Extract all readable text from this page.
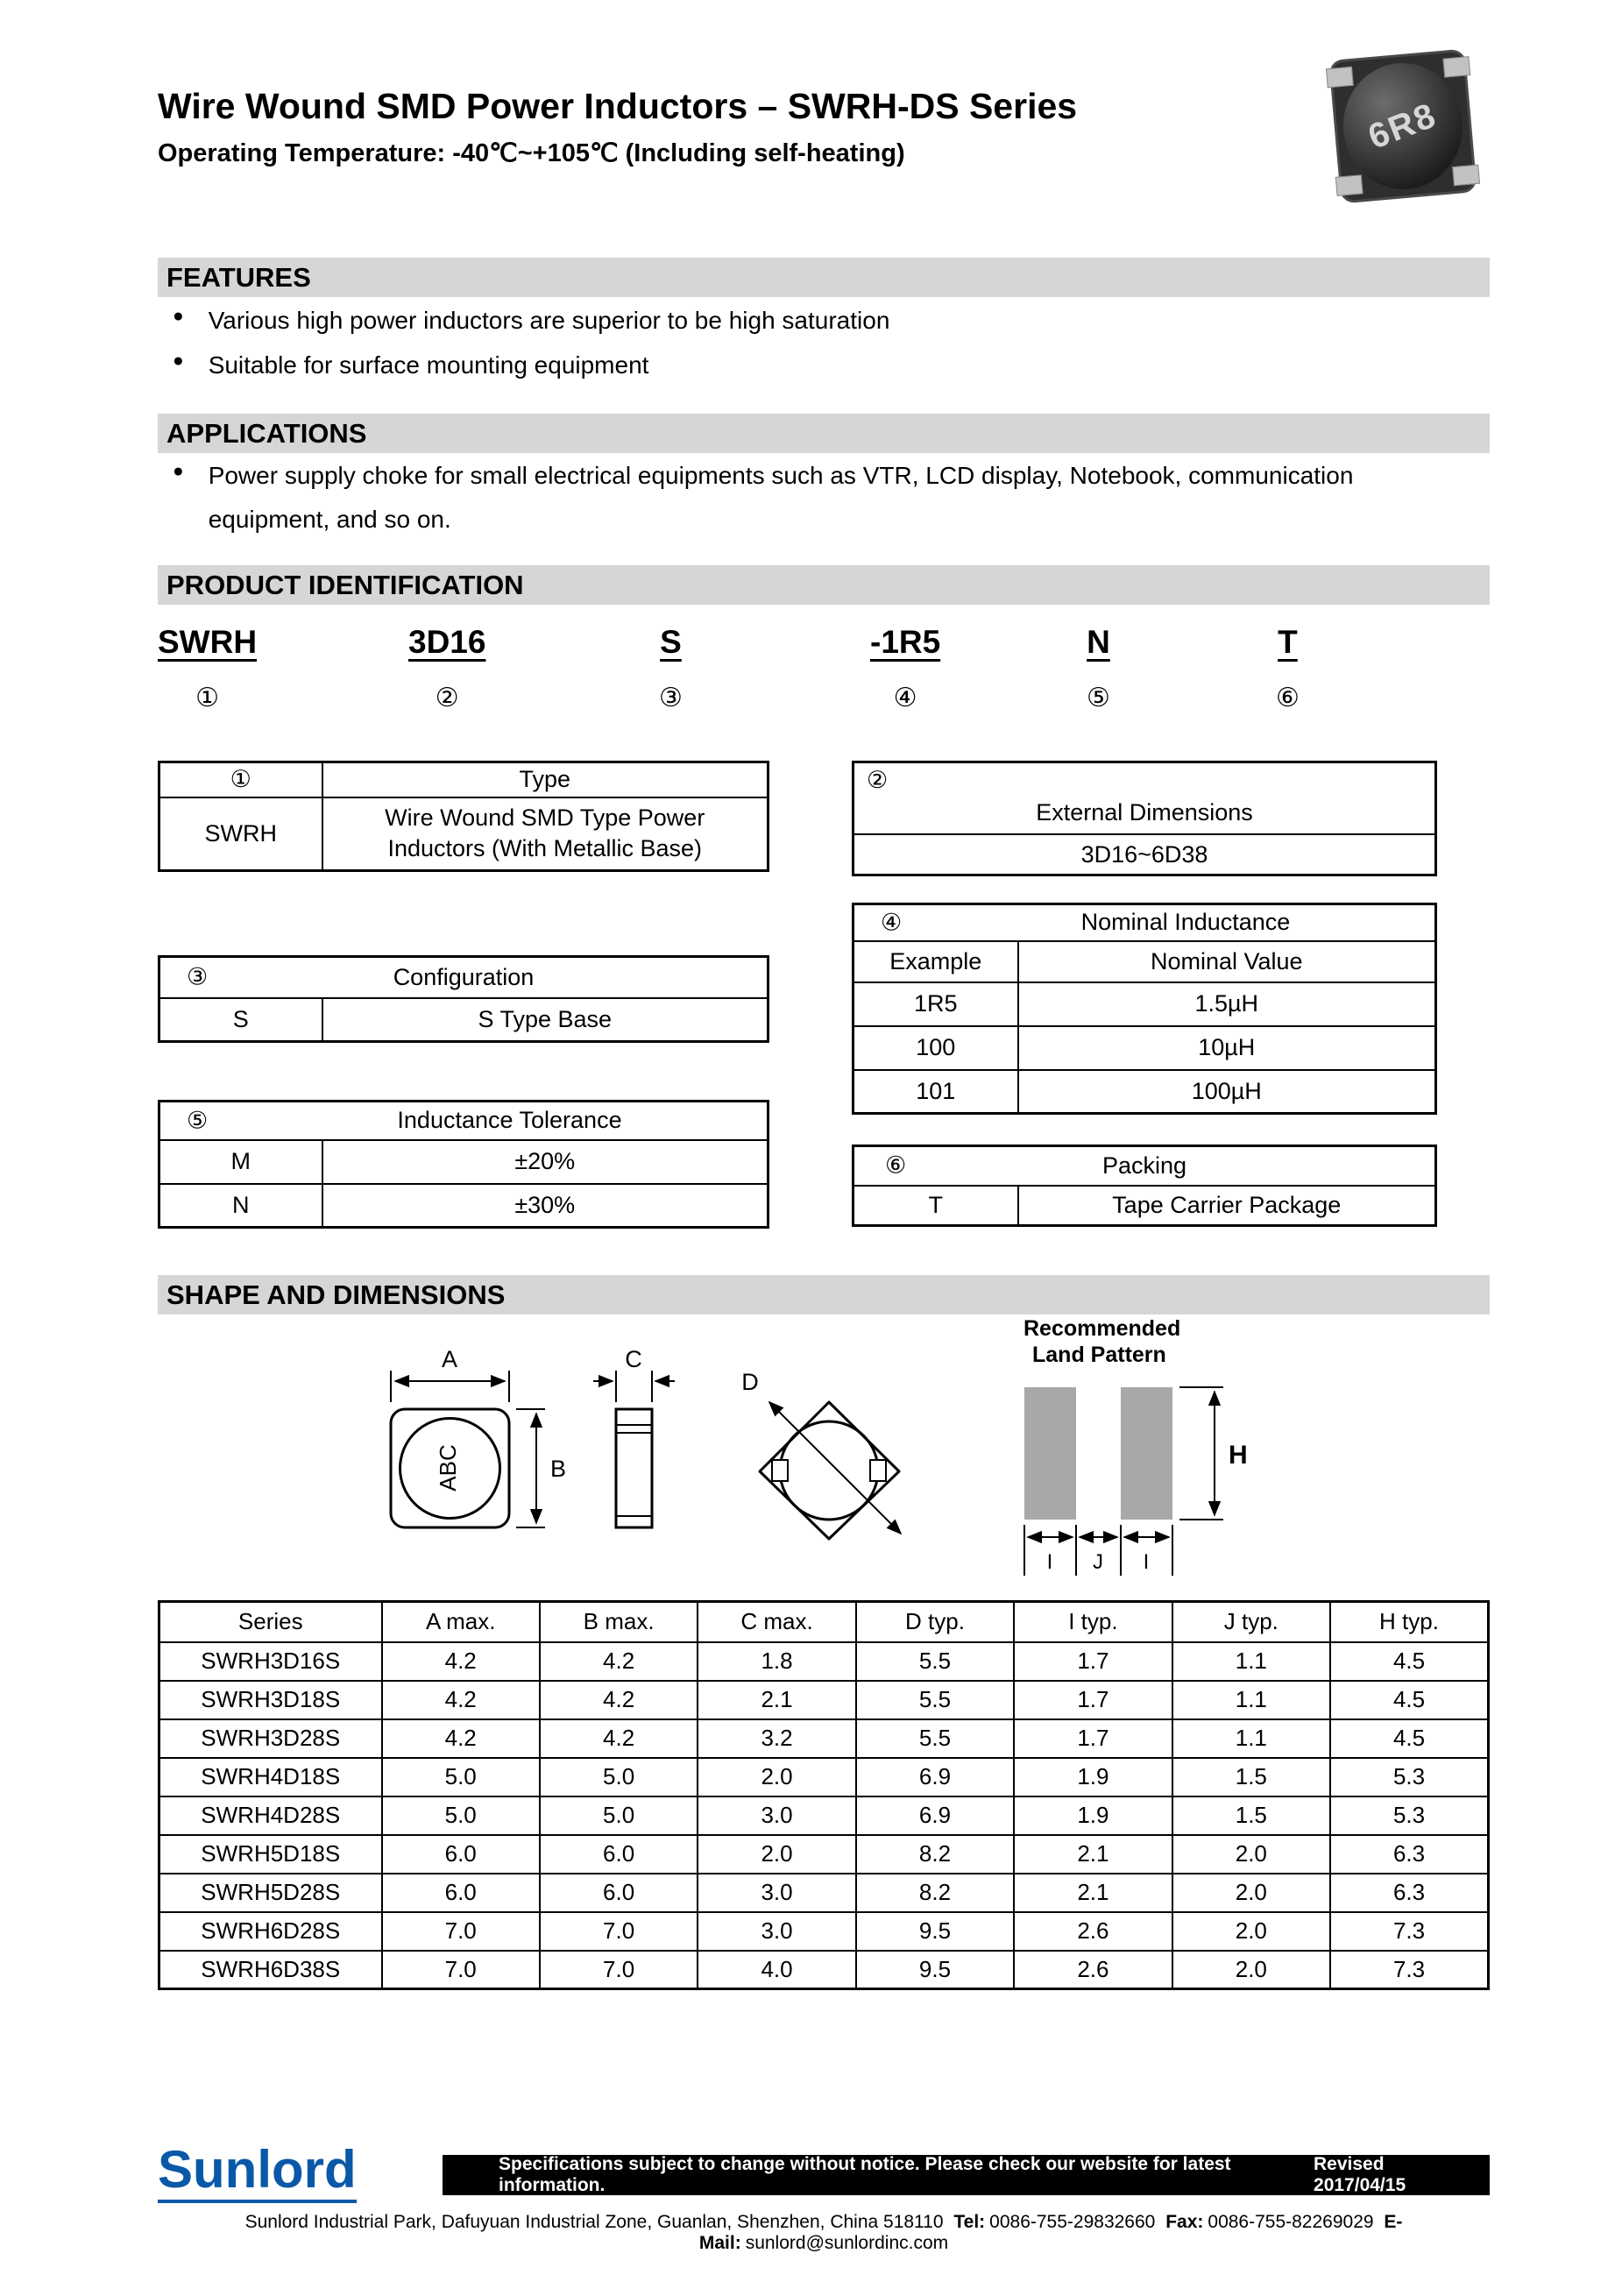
Wire Wound SMD Power Inductors – SWRH-DS Series
Operating Temperature: -40℃~+105℃ (Including self-heating)	6R8
FEATURES
● Various high power inductors are superior to be high saturation
● Suitable for surface mounting equipment
APPLICATIONS
● Power supply choke for small electrical equipments such as VTR, LCD display, Notebook, communication equipment, and so on.
PRODUCT IDENTIFICATION
SWRH
①
3D16
②
S
③
-1R5
④
N
⑤
T
⑥
①	Type
SWRH	Wire Wound SMD Type Power Inductors (With Metallic Base)
②
External Dimensions
3D16~6D38
④ Nominal Inductance	
Example	Nominal Value
1R5	1.5µH
100	10µH
101	100µH
③	Configuration
S	S Type Base
⑤ Inductance Tolerance	
M	±20%
N	±30%
⑥	Packing
T	Tape Carrier Package
SHAPE AND DIMENSIONS
ABC
A
B
C
D
Recommended
Land Pattern
H
I J I
Series	A max.	B max.	C max.	D typ.	I typ.	J typ.	H typ.
SWRH3D16S	4.2	4.2	1.8	5.5	1.7	1.1	4.5
SWRH3D18S	4.2	4.2	2.1	5.5	1.7	1.1	4.5
SWRH3D28S	4.2	4.2	3.2	5.5	1.7	1.1	4.5
SWRH4D18S	5.0	5.0	2.0	6.9	1.9	1.5	5.3
SWRH4D28S	5.0	5.0	3.0	6.9	1.9	1.5	5.3
SWRH5D18S	6.0	6.0	2.0	8.2	2.1	2.0	6.3
SWRH5D28S	6.0	6.0	3.0	8.2	2.1	2.0	6.3
SWRH6D28S	7.0	7.0	3.0	9.5	2.6	2.0	7.3
SWRH6D38S	7.0	7.0	4.0	9.5	2.6	2.0	7.3
Sunlord	Specifications subject to change without notice. Please check our website for latest information.
Revised 2017/04/15
Sunlord Industrial Park, Dafuyuan Industrial Zone, Guanlan, Shenzhen, China 518110 Tel: 0086-755-29832660 Fax: 0086-755-82269029 E-Mail: sunlord@sunlordinc.com
